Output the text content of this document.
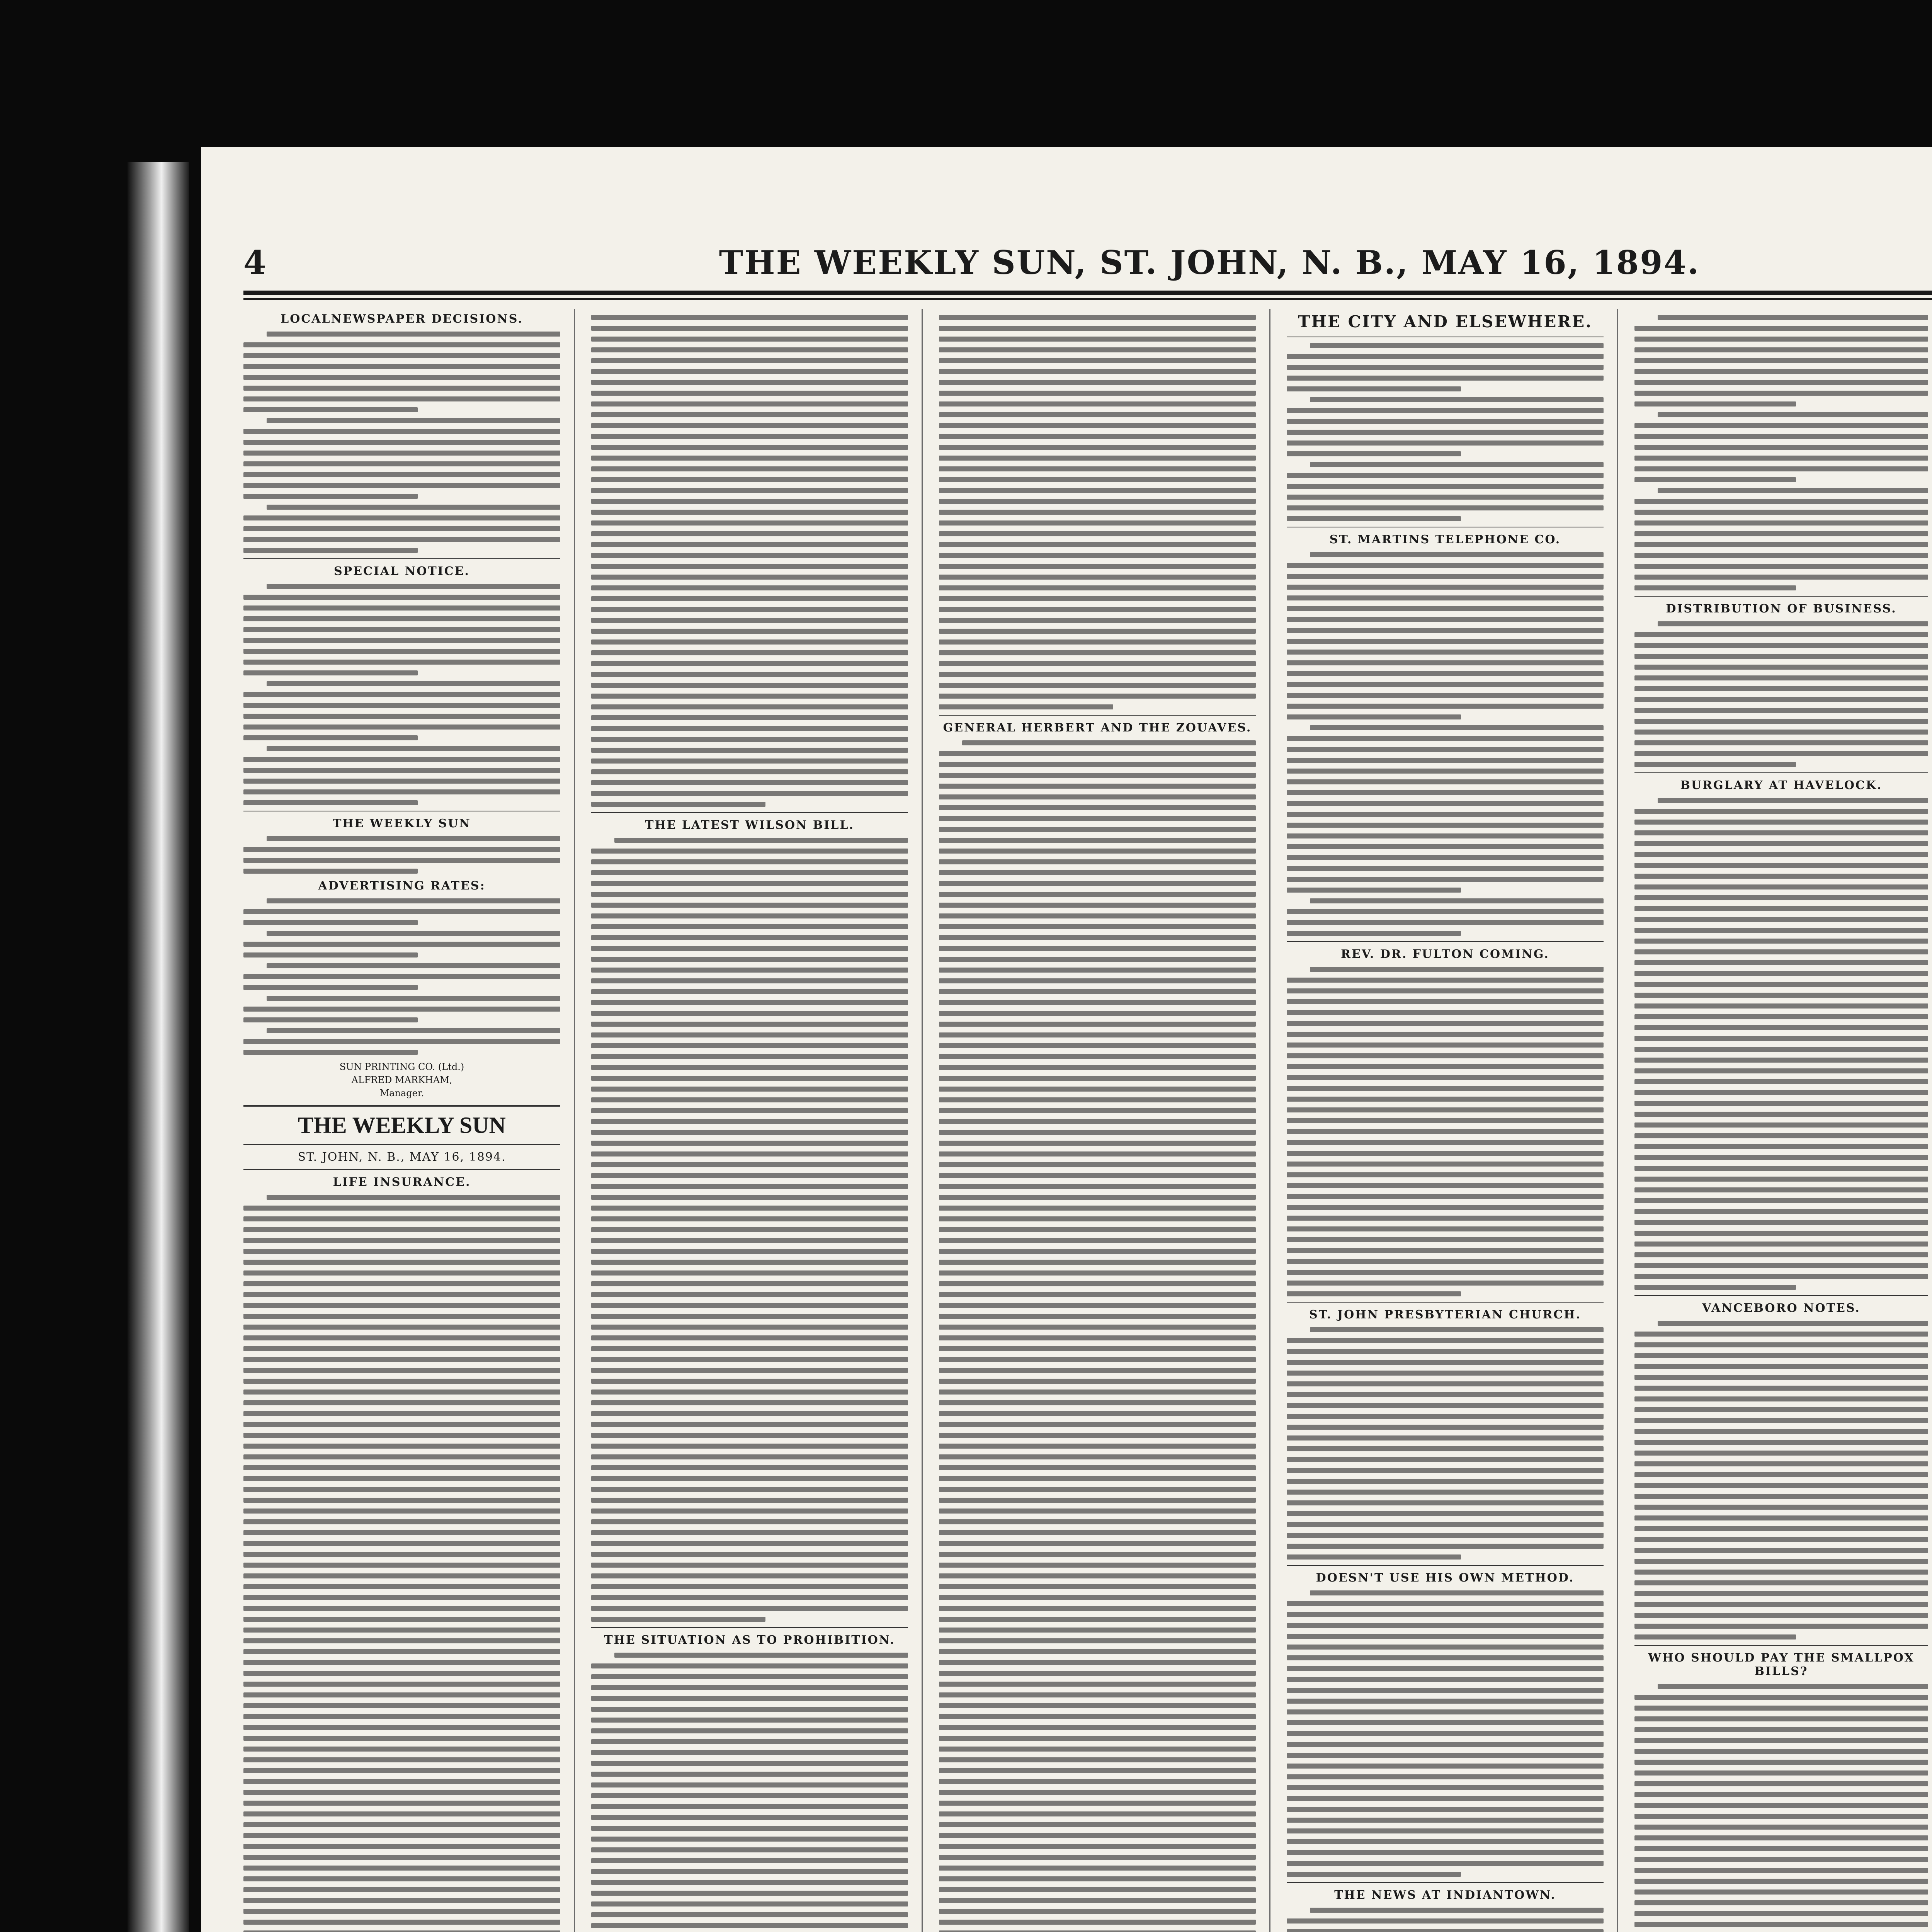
4	THE WEEKLY SUN, ST. JOHN, N. B., MAY 16, 1894.
LOCALNEWSPAPER DECISIONS.
SPECIAL NOTICE.
THE WEEKLY SUN
ADVERTISING RATES:
SUN PRINTING CO. (Ltd.)
ALFRED MARKHAM,
Manager.
THE WEEKLY SUN
ST. JOHN, N. B., MAY 16, 1894.
LIFE INSURANCE.
THE LATEST WILSON BILL.
THE SITUATION AS TO PROHIBITION.
GENERAL HERBERT AND THE ZOUAVES.
THE CITY AND ELSEWHERE.
ST. MARTINS TELEPHONE CO.
REV. DR. FULTON COMING.
ST. JOHN PRESBYTERIAN CHURCH.
DOESN'T USE HIS OWN METHOD.
THE NEWS AT INDIANTOWN.
DISTRIBUTION OF BUSINESS.
BURGLARY AT HAVELOCK.
VANCEBORO NOTES.
WHO SHOULD PAY THE SMALLPOX BILLS?
